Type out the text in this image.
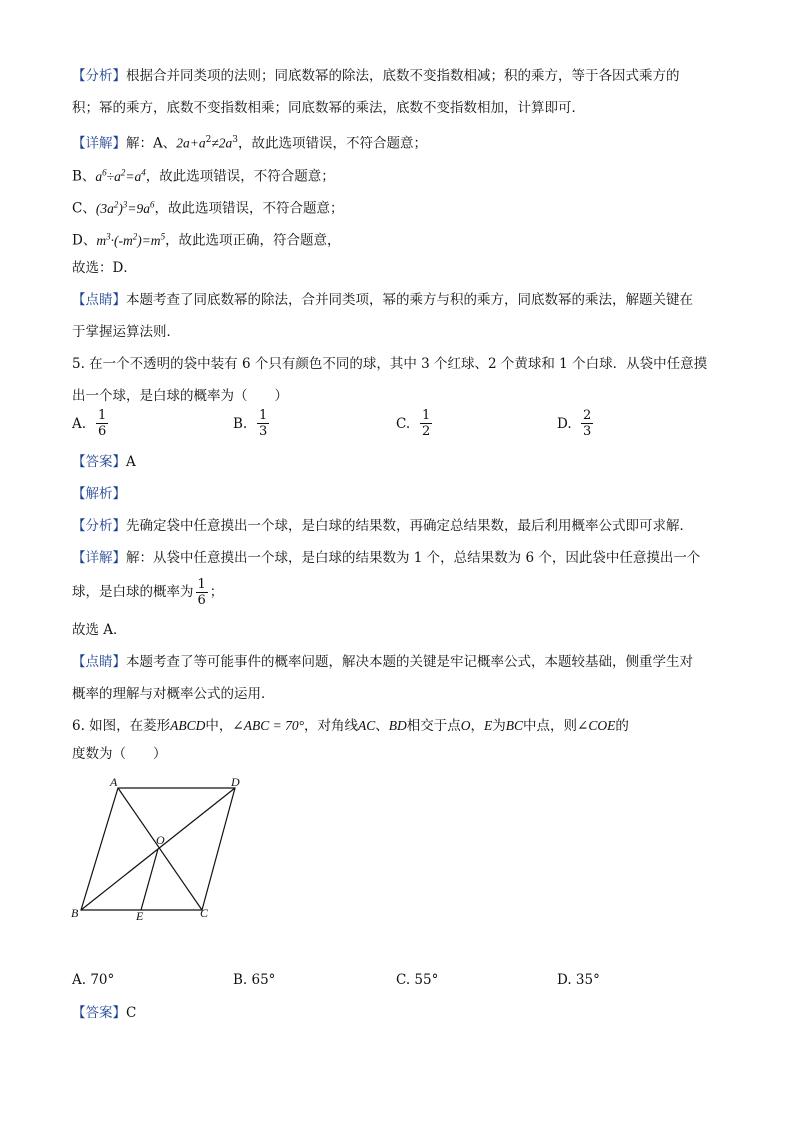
【分析】根据合并同类项的法则；同底数幂的除法，底数不变指数相减；积的乘方，等于各因式乘方的
积；幂的乘方，底数不变指数相乘；同底数幂的乘法，底数不变指数相加，计算即可．
【详解】解：A、$2a+a^2\ne 2a^3$，故此选项错误，不符合题意；
B、$a^6\div a^2=a^4$，故此选项错误，不符合题意；
C、$(3a^2)^3=9a^6$，故此选项错误，不符合题意；
D、$m^3\cdot(-m^2)=m^5$，故此选项正确，符合题意，
故选：D．
【点睛】本题考查了同底数幂的除法，合并同类项，幂的乘方与积的乘方，同底数幂的乘法，解题关键在
于掌握运算法则．
5. 在一个不透明的袋中装有 6 个只有颜色不同的球，其中 3 个红球、2 个黄球和 1 个白球．从袋中任意摸
出一个球，是白球的概率为（　　）
A. $\frac{1}{6}$	B. $\frac{1}{3}$	C. $\frac{1}{2}$	D. $\frac{2}{3}$
【答案】A
【解析】
【分析】先确定袋中任意摸出一个球，是白球的结果数，再确定总结果数，最后利用概率公式即可求解．
【详解】解：从袋中任意摸出一个球，是白球的结果数为 1 个，总结果数为 6 个，因此袋中任意摸出一个
球，是白球的概率为 $\frac{1}{6}$ ；
故选 A．
【点睛】本题考查了等可能事件的概率问题，解决本题的关键是牢记概率公式，本题较基础，侧重学生对
概率的理解与对概率公式的运用．
6. 如图，在菱形ABCD中，∠ABC = 70°，对角线AC、BD相交于点O，E为BC中点，则∠COE的
度数为（　　）
A	D
O
B	E	C
A. 70°	B. 65°	C. 55°	D. 35°
【答案】C
